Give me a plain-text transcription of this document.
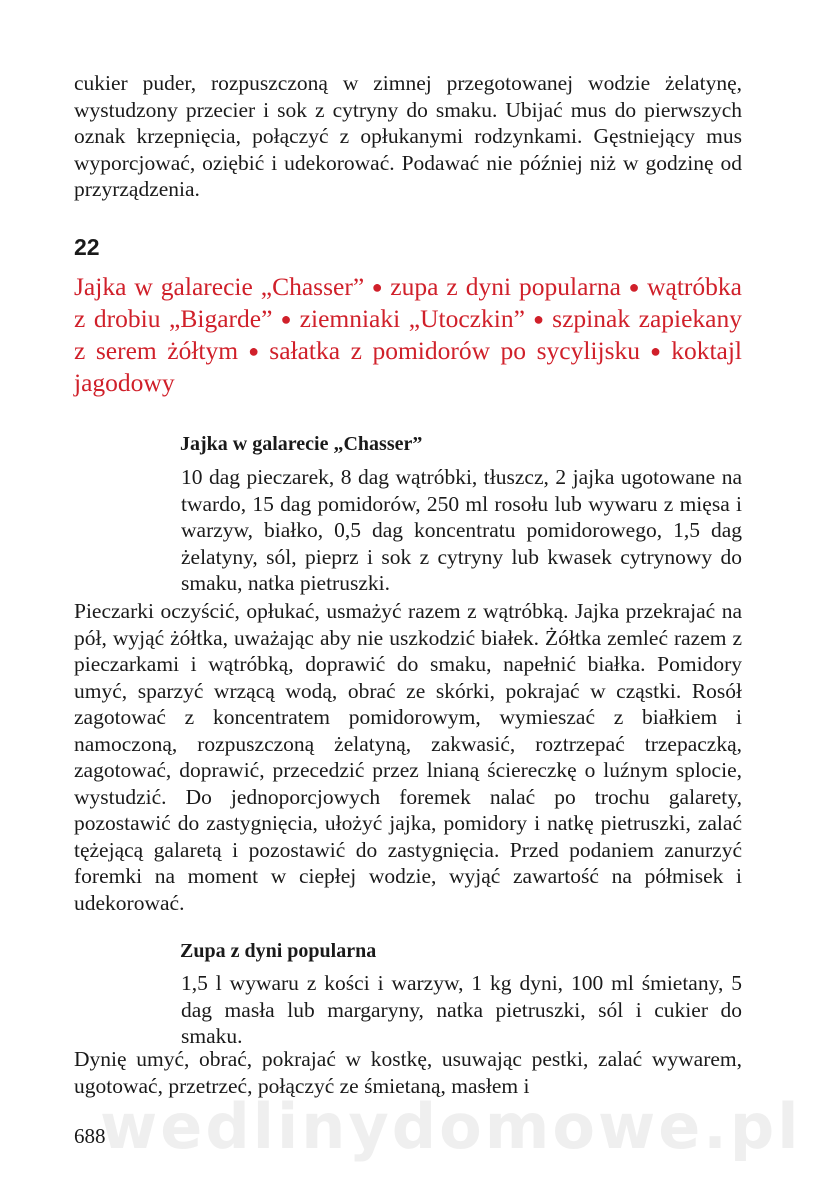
cukier puder, rozpuszczoną w zimnej przegotowanej wodzie żelatynę, wystudzony przecier i sok z cytryny do smaku. Ubijać mus do pierwszych oznak krzepnięcia, połączyć z opłukanymi rodzynkami. Gęstniejący mus wyporcjować, oziębić i udekorować. Podawać nie później niż w godzinę od przyrządzenia.

22

Jajka w galarecie „Chasser” ● zupa z dyni popularna ● wątróbka z drobiu „Bigarde” ● ziemniaki „Utoczkin” ● szpinak zapiekany z serem żółtym ● sałatka z pomidorów po sycylijsku ● koktajl jagodowy

Jajka w galarecie „Chasser”

10 dag pieczarek, 8 dag wątróbki, tłuszcz, 2 jajka ugotowane na twardo, 15 dag pomidorów, 250 ml rosołu lub wywaru z mięsa i warzyw, białko, 0,5 dag koncentratu pomidorowego, 1,5 dag żelatyny, sól, pieprz i sok z cytryny lub kwasek cytrynowy do smaku, natka pietruszki.

Pieczarki oczyścić, opłukać, usmażyć razem z wątróbką. Jajka przekrajać na pół, wyjąć żółtka, uważając aby nie uszkodzić białek. Żółtka zemleć razem z pieczarkami i wątróbką, doprawić do smaku, napełnić białka. Pomidory umyć, sparzyć wrzącą wodą, obrać ze skórki, pokrajać w cząstki. Rosół zagotować z koncentratem pomidorowym, wymieszać z białkiem i namoczoną, rozpuszczoną żelatyną, zakwasić, roztrzepać trzepaczką, zagotować, doprawić, przecedzić przez lnianą ściereczkę o luźnym splocie, wystudzić. Do jednoporcjowych foremek nalać po trochu galarety, pozostawić do zastygnięcia, ułożyć jajka, pomidory i natkę pietruszki, zalać tężejącą galaretą i pozostawić do zastygnięcia. Przed podaniem zanurzyć foremki na moment w ciepłej wodzie, wyjąć zawartość na półmisek i udekorować.

Zupa z dyni popularna

1,5 l wywaru z kości i warzyw, 1 kg dyni, 100 ml śmietany, 5 dag masła lub margaryny, natka pietruszki, sól i cukier do smaku.

Dynię umyć, obrać, pokrajać w kostkę, usuwając pestki, zalać wywarem, ugotować, przetrzeć, połączyć ze śmietaną, masłem i

wedlinydomowe.pl

688
